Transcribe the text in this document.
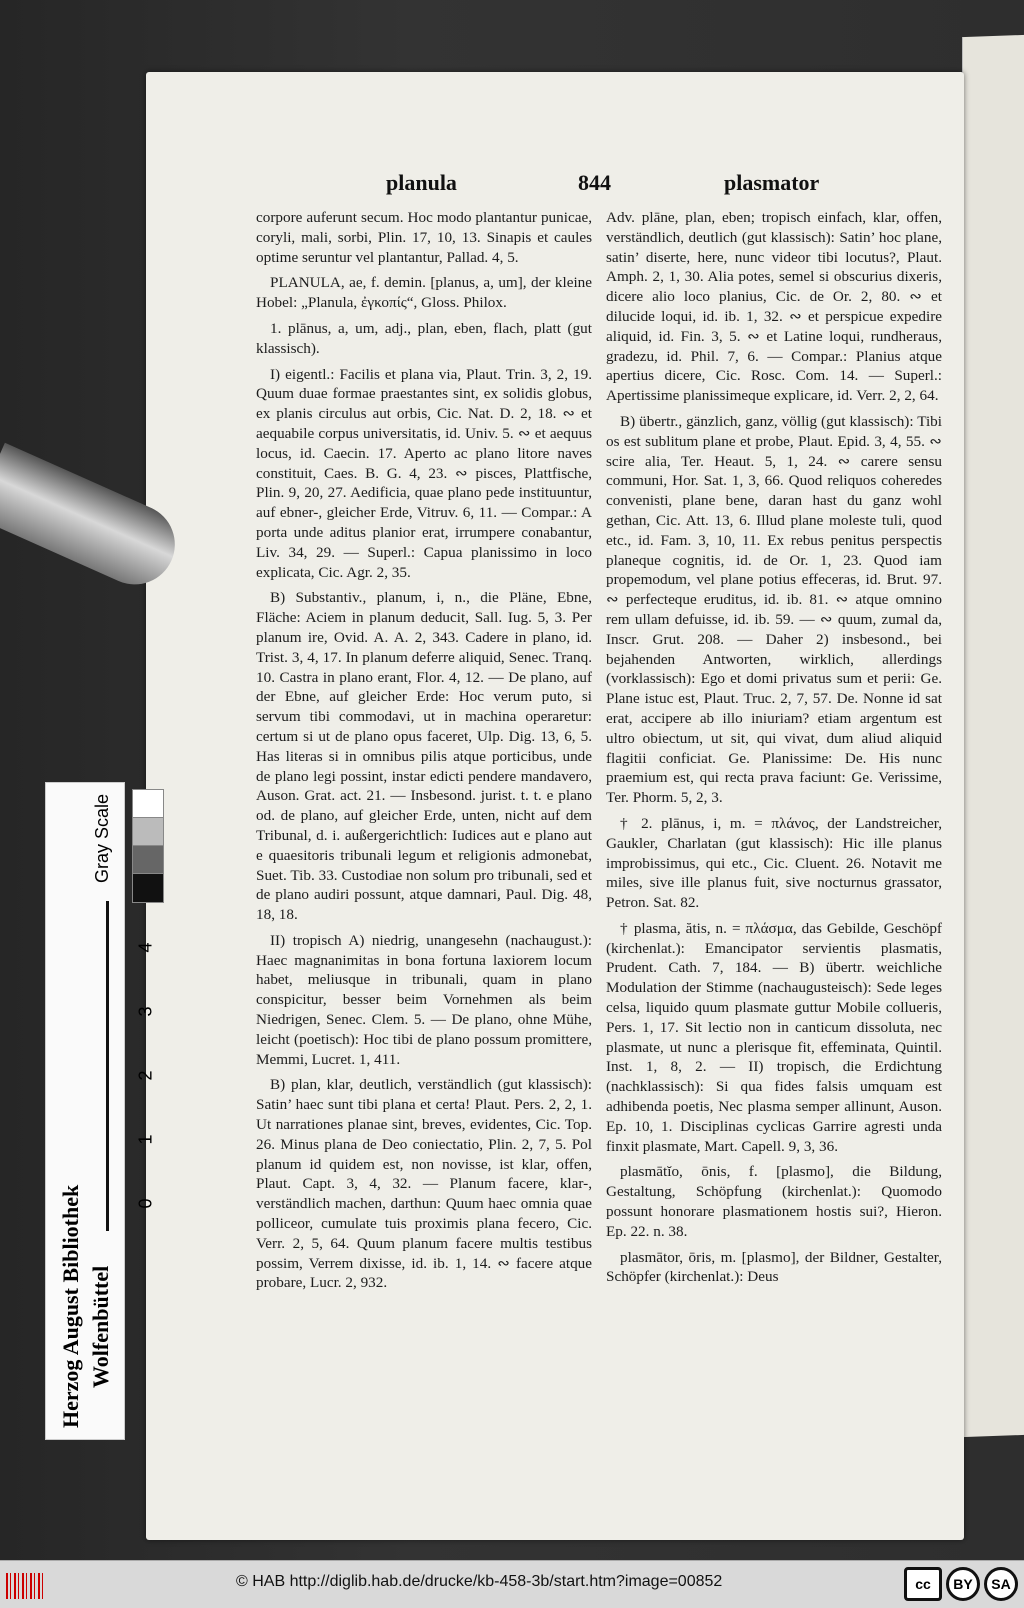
planula	844	plasmator

corpore auferunt secum. Hoc modo plantantur punicae, coryli, mali, sorbi, Plin. 17, 10, 13. Sinapis et caules optime seruntur vel plantantur, Pallad. 4, 5.

PLANULA, ae, f. demin. [planus, a, um], der kleine Hobel: „Planula, ἐγκοπίς“, Gloss. Philox.

1. plānus, a, um, adj., plan, eben, flach, platt (gut klassisch).

I) eigentl.: Facilis et plana via, Plaut. Trin. 3, 2, 19. Quum duae formae praestantes sint, ex solidis globus, ex planis circulus aut orbis, Cic. Nat. D. 2, 18. ∾ et aequabile corpus universitatis, id. Univ. 5. ∾ et aequus locus, id. Caecin. 17. Aperto ac plano litore naves constituit, Caes. B. G. 4, 23. ∾ pisces, Plattfische, Plin. 9, 20, 27. Aedificia, quae plano pede instituuntur, auf ebner-, gleicher Erde, Vitruv. 6, 11. — Compar.: A porta unde aditus planior erat, irrumpere conabantur, Liv. 34, 29. — Superl.: Capua planissimo in loco explicata, Cic. Agr. 2, 35.

B) Substantiv., planum, i, n., die Pläne, Ebne, Fläche: Aciem in planum deducit, Sall. Iug. 5, 3. Per planum ire, Ovid. A. A. 2, 343. Cadere in plano, id. Trist. 3, 4, 17. In planum deferre aliquid, Senec. Tranq. 10. Castra in plano erant, Flor. 4, 12. — De plano, auf der Ebne, auf gleicher Erde: Hoc verum puto, si servum tibi commodavi, ut in machina operaretur: certum si ut de plano opus faceret, Ulp. Dig. 13, 6, 5. Has literas si in omnibus pilis atque porticibus, unde de plano legi possint, instar edicti pendere mandavero, Auson. Grat. act. 21. — Insbesond. jurist. t. t. e plano od. de plano, auf gleicher Erde, unten, nicht auf dem Tribunal, d. i. außergerichtlich: Iudices aut e plano aut e quaesitoris tribunali legum et religionis admonebat, Suet. Tib. 33. Custodiae non solum pro tribunali, sed et de plano audiri possunt, atque damnari, Paul. Dig. 48, 18, 18.

II) tropisch A) niedrig, unangesehn (nachaugust.): Haec magnanimitas in bona fortuna laxiorem locum habet, meliusque in tribunali, quam in plano conspicitur, besser beim Vornehmen als beim Niedrigen, Senec. Clem. 5. — De plano, ohne Mühe, leicht (poetisch): Hoc tibi de plano possum promittere, Memmi, Lucret. 1, 411.

B) plan, klar, deutlich, verständlich (gut klassisch): Satin’ haec sunt tibi plana et certa! Plaut. Pers. 2, 2, 1. Ut narrationes planae sint, breves, evidentes, Cic. Top. 26. Minus plana de Deo coniectatio, Plin. 2, 7, 5. Pol planum id quidem est, non novisse, ist klar, offen, Plaut. Capt. 3, 4, 32. — Planum facere, klar-, verständlich machen, darthun: Quum haec omnia quae polliceor, cumulate tuis proximis plana fecero, Cic. Verr. 2, 5, 64. Quum planum facere multis testibus possim, Verrem dixisse, id. ib. 1, 14. ∾ facere atque probare, Lucr. 2, 932.

Adv. plāne, plan, eben; tropisch einfach, klar, offen, verständlich, deutlich (gut klassisch): Satin’ hoc plane, satin’ diserte, here, nunc videor tibi locutus?, Plaut. Amph. 2, 1, 30. Alia potes, semel si obscurius dixeris, dicere alio loco planius, Cic. de Or. 2, 80. ∾ et dilucide loqui, id. ib. 1, 32. ∾ et perspicue expedire aliquid, id. Fin. 3, 5. ∾ et Latine loqui, rundheraus, gradezu, id. Phil. 7, 6. — Compar.: Planius atque apertius dicere, Cic. Rosc. Com. 14. — Superl.: Apertissime planissimeque explicare, id. Verr. 2, 2, 64.

B) übertr., gänzlich, ganz, völlig (gut klassisch): Tibi os est sublitum plane et probe, Plaut. Epid. 3, 4, 55. ∾ scire alia, Ter. Heaut. 5, 1, 24. ∾ carere sensu communi, Hor. Sat. 1, 3, 66. Quod reliquos coheredes convenisti, plane bene, daran hast du ganz wohl gethan, Cic. Att. 13, 6. Illud plane moleste tuli, quod etc., id. Fam. 3, 10, 11. Ex rebus penitus perspectis planeque cognitis, id. de Or. 1, 23. Quod iam propemodum, vel plane potius effeceras, id. Brut. 97. ∾ perfecteque eruditus, id. ib. 81. ∾ atque omnino rem ullam defuisse, id. ib. 59. — ∾ quum, zumal da, Inscr. Grut. 208. — Daher 2) insbesond., bei bejahenden Antworten, wirklich, allerdings (vorklassisch): Ego et domi privatus sum et perii: Ge. Plane istuc est, Plaut. Truc. 2, 7, 57. De. Nonne id sat erat, accipere ab illo iniuriam? etiam argentum est ultro obiectum, ut sit, qui vivat, dum aliud aliquid flagitii conficiat. Ge. Planissime: De. His nunc praemium est, qui recta prava faciunt: Ge. Verissime, Ter. Phorm. 5, 2, 3.

† 2. plānus, i, m. = πλάνος, der Landstreicher, Gaukler, Charlatan (gut klassisch): Hic ille planus improbissimus, qui etc., Cic. Cluent. 26. Notavit me miles, sive ille planus fuit, sive nocturnus grassator, Petron. Sat. 82.

† plasma, ătis, n. = πλάσμα, das Gebilde, Geschöpf (kirchenlat.): Emancipator servientis plasmatis, Prudent. Cath. 7, 184. — B) übertr. weichliche Modulation der Stimme (nachaugusteisch): Sede leges celsa, liquido quum plasmate guttur Mobile collueris, Pers. 1, 17. Sit lectio non in canticum dissoluta, nec plasmate, ut nunc a plerisque fit, effeminata, Quintil. Inst. 1, 8, 2. — II) tropisch, die Erdichtung (nachklassisch): Si qua fides falsis umquam est adhibenda poetis, Nec plasma semper allinunt, Auson. Ep. 10, 1. Disciplinas cyclicas Garrire agresti unda finxit plasmate, Mart. Capell. 9, 3, 36.

plasmātĭo, ōnis, f. [plasmo], die Bildung, Gestaltung, Schöpfung (kirchenlat.): Quomodo possunt honorare plasmationem hostis sui?, Hieron. Ep. 22. n. 38.

plasmātor, ōris, m. [plasmo], der Bildner, Gestalter, Schöpfer (kirchenlat.): Deus

Gray Scale
0
1
2
3
4
Herzog August Bibliothek Wolfenbüttel
© HAB http://diglib.hab.de/drucke/kb-458-3b/start.htm?image=00852	cc	BY	SA
